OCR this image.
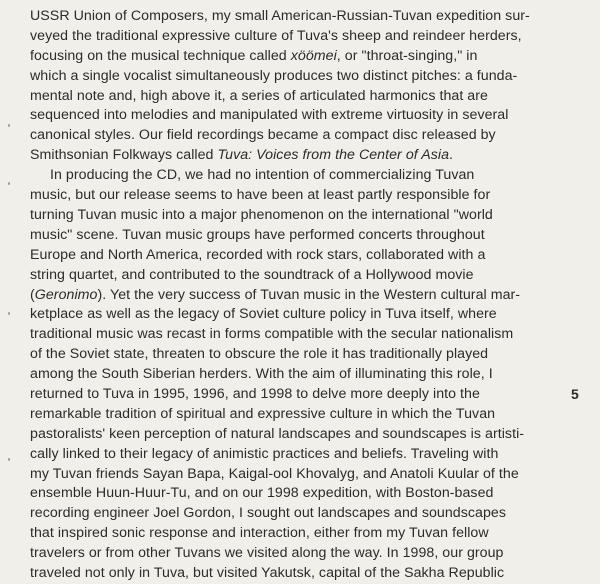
USSR Union of Composers, my small American-Russian-Tuvan expedition sur-
veyed the traditional expressive culture of Tuva's sheep and reindeer herders,
focusing on the musical technique called xöömei, or "throat-singing," in
which a single vocalist simultaneously produces two distinct pitches: a funda-
mental note and, high above it, a series of articulated harmonics that are
sequenced into melodies and manipulated with extreme virtuosity in several
canonical styles. Our field recordings became a compact disc released by
Smithsonian Folkways called Tuva: Voices from the Center of Asia.
In producing the CD, we had no intention of commercializing Tuvan
music, but our release seems to have been at least partly responsible for
turning Tuvan music into a major phenomenon on the international "world
music" scene. Tuvan music groups have performed concerts throughout
Europe and North America, recorded with rock stars, collaborated with a
string quartet, and contributed to the soundtrack of a Hollywood movie
(Geronimo). Yet the very success of Tuvan music in the Western cultural mar-
ketplace as well as the legacy of Soviet culture policy in Tuva itself, where
traditional music was recast in forms compatible with the secular nationalism
of the Soviet state, threaten to obscure the role it has traditionally played
among the South Siberian herders. With the aim of illuminating this role, I
returned to Tuva in 1995, 1996, and 1998 to delve more deeply into the
remarkable tradition of spiritual and expressive culture in which the Tuvan
pastoralists' keen perception of natural landscapes and soundscapes is artisti-
cally linked to their legacy of animistic practices and beliefs. Traveling with
my Tuvan friends Sayan Bapa, Kaigal-ool Khovalyg, and Anatoli Kuular of the
ensemble Huun-Huur-Tu, and on our 1998 expedition, with Boston-based
recording engineer Joel Gordon, I sought out landscapes and soundscapes
that inspired sonic response and interaction, either from my Tuvan fellow
travelers or from other Tuvans we visited along the way. In 1998, our group
traveled not only in Tuva, but visited Yakutsk, capital of the Sakha Republic
5
